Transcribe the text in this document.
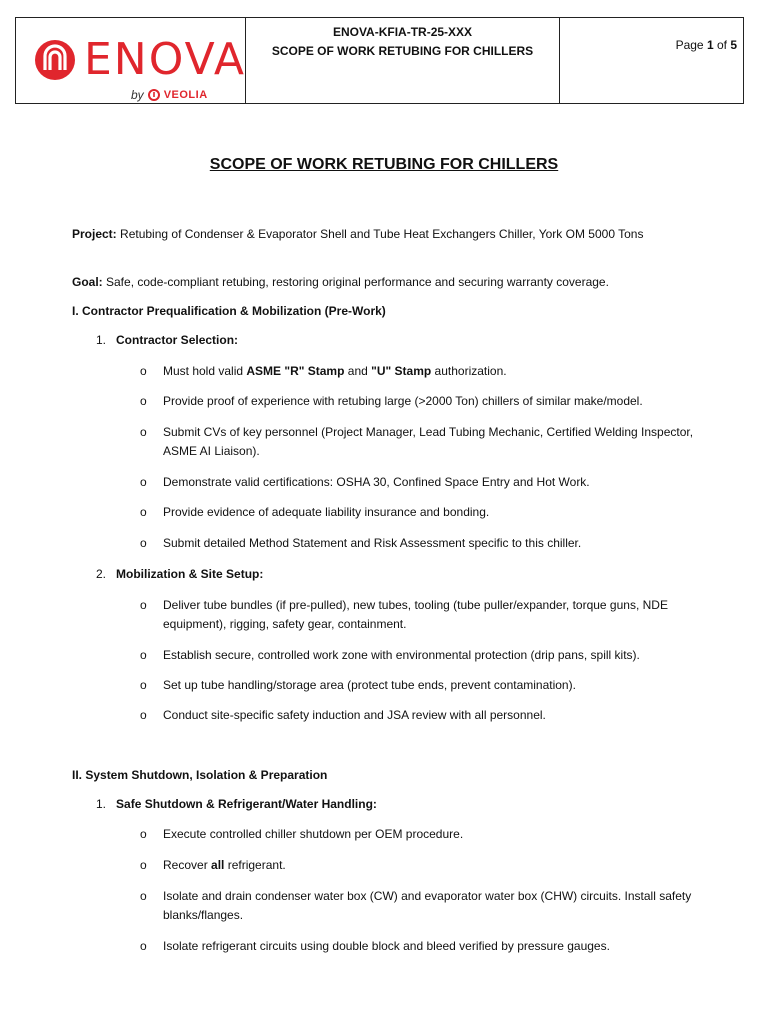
ENOVA
by VEOLIA
ENOVA-KFIA-TR-25-XXX
SCOPE OF WORK RETUBING FOR CHILLERS	Page 1 of 5
SCOPE OF WORK RETUBING FOR CHILLERS
Project: Retubing of Condenser & Evaporator Shell and Tube Heat Exchangers Chiller, York OM 5000 Tons
Goal: Safe, code-compliant retubing, restoring original performance and securing warranty coverage.
I. Contractor Prequalification & Mobilization (Pre-Work)
1. Contractor Selection:
o Must hold valid ASME "R" Stamp and "U" Stamp authorization.
o Provide proof of experience with retubing large (>2000 Ton) chillers of similar make/model.
o Submit CVs of key personnel (Project Manager, Lead Tubing Mechanic, Certified Welding Inspector, ASME AI Liaison).
o Demonstrate valid certifications: OSHA 30, Confined Space Entry and Hot Work.
o Provide evidence of adequate liability insurance and bonding.
o Submit detailed Method Statement and Risk Assessment specific to this chiller.
2. Mobilization & Site Setup:
o Deliver tube bundles (if pre-pulled), new tubes, tooling (tube puller/expander, torque guns, NDE equipment), rigging, safety gear, containment.
o Establish secure, controlled work zone with environmental protection (drip pans, spill kits).
o Set up tube handling/storage area (protect tube ends, prevent contamination).
o Conduct site-specific safety induction and JSA review with all personnel.
II. System Shutdown, Isolation & Preparation
1. Safe Shutdown & Refrigerant/Water Handling:
o Execute controlled chiller shutdown per OEM procedure.
o Recover all refrigerant.
o Isolate and drain condenser water box (CW) and evaporator water box (CHW) circuits. Install safety blanks/flanges.
o Isolate refrigerant circuits using double block and bleed verified by pressure gauges.
